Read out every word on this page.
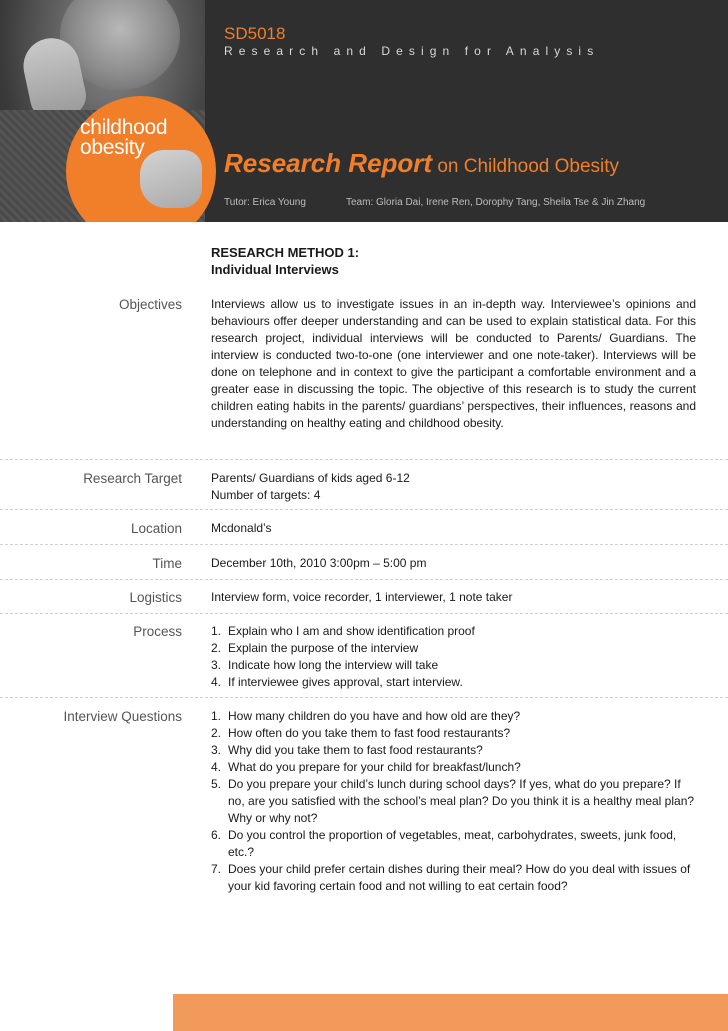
childhood
obesity
SD5018
Research and Design for Analysis
Research Report on Childhood Obesity
Tutor: Erica Young	Team: Gloria Dai, Irene Ren, Dorophy Tang, Sheila Tse & Jin Zhang
RESEARCH METHOD 1:
Individual Interviews
Objectives Interviews allow us to investigate issues in an in-depth way. Interviewee’s opinions and behaviours offer deeper understanding and can be used to explain statistical data. For this research project, individual interviews will be conducted to Parents/ Guardians. The interview is conducted two-to-one (one interviewer and one note-taker). Interviews will be done on telephone and in context to give the participant a comfortable environment and a greater ease in discussing the topic. The objective of this research is to study the current children eating habits in the parents/ guardians’ perspectives, their influences, reasons and understanding on healthy eating and childhood obesity.
Research Target Parents/ Guardians of kids aged 6-12
Number of targets: 4
Location Mcdonald’s
Time December 10th, 2010 3:00pm – 5:00 pm
Logistics Interview form, voice recorder, 1 interviewer, 1 note taker
Process 1. Explain who I am and show identification proof
2. Explain the purpose of the interview
3. Indicate how long the interview will take
4. If interviewee gives approval, start interview.
Interview Questions 1. How many children do you have and how old are they?
2. How often do you take them to fast food restaurants?
3. Why did you take them to fast food restaurants?
4. What do you prepare for your child for breakfast/lunch?
5. Do you prepare your child’s lunch during school days? If yes, what do you prepare? If no, are you satisfied with the school’s meal plan? Do you think it is a healthy meal plan? Why or why not?
6. Do you control the proportion of vegetables, meat, carbohydrates, sweets, junk food, etc.?
7. Does your child prefer certain dishes during their meal? How do you deal with issues of your kid favoring certain food and not willing to eat certain food?
